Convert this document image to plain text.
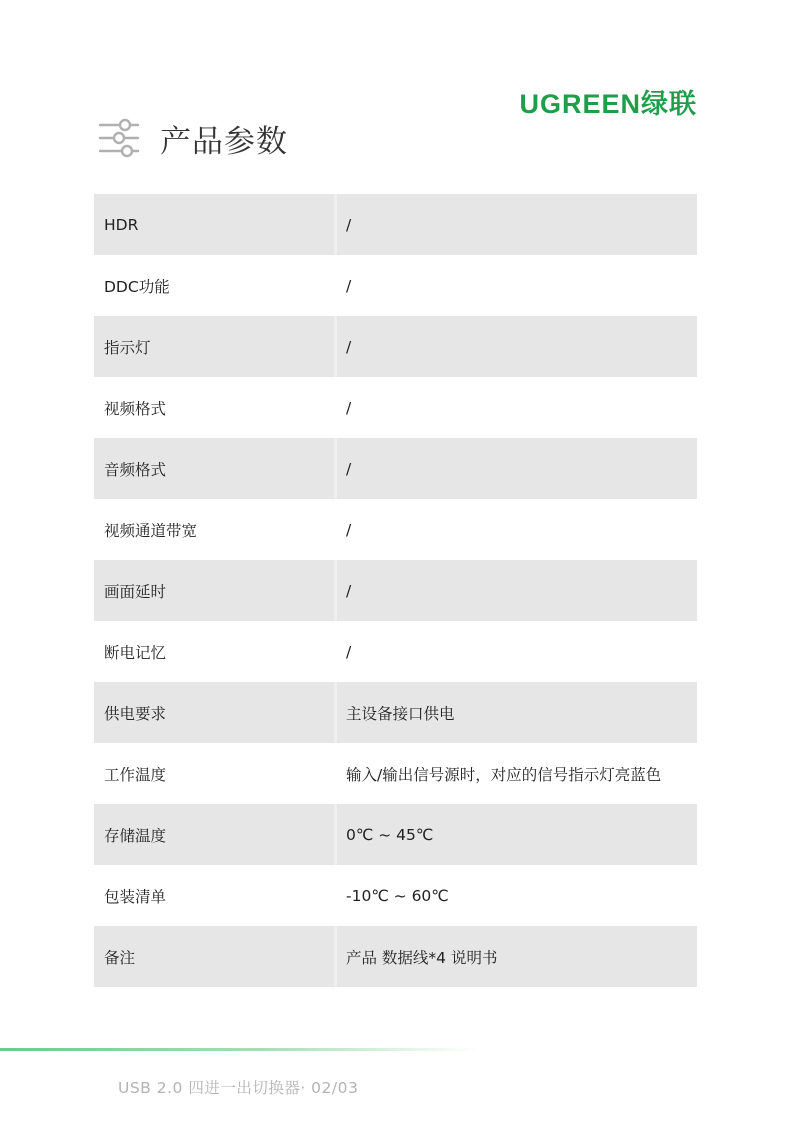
UGREEN绿联
产品参数
HDR	/
DDC功能	/
指示灯	/
视频格式	/
音频格式	/
视频通道带宽	/
画面延时	/
断电记忆	/
供电要求	主设备接口供电
工作温度	输入/输出信号源时，对应的信号指示灯亮蓝色
存储温度	0℃ ~ 45℃
包装清单	-10℃ ~ 60℃
备注	产品 数据线*4 说明书
USB 2.0 四进一出切换器· 02/03
